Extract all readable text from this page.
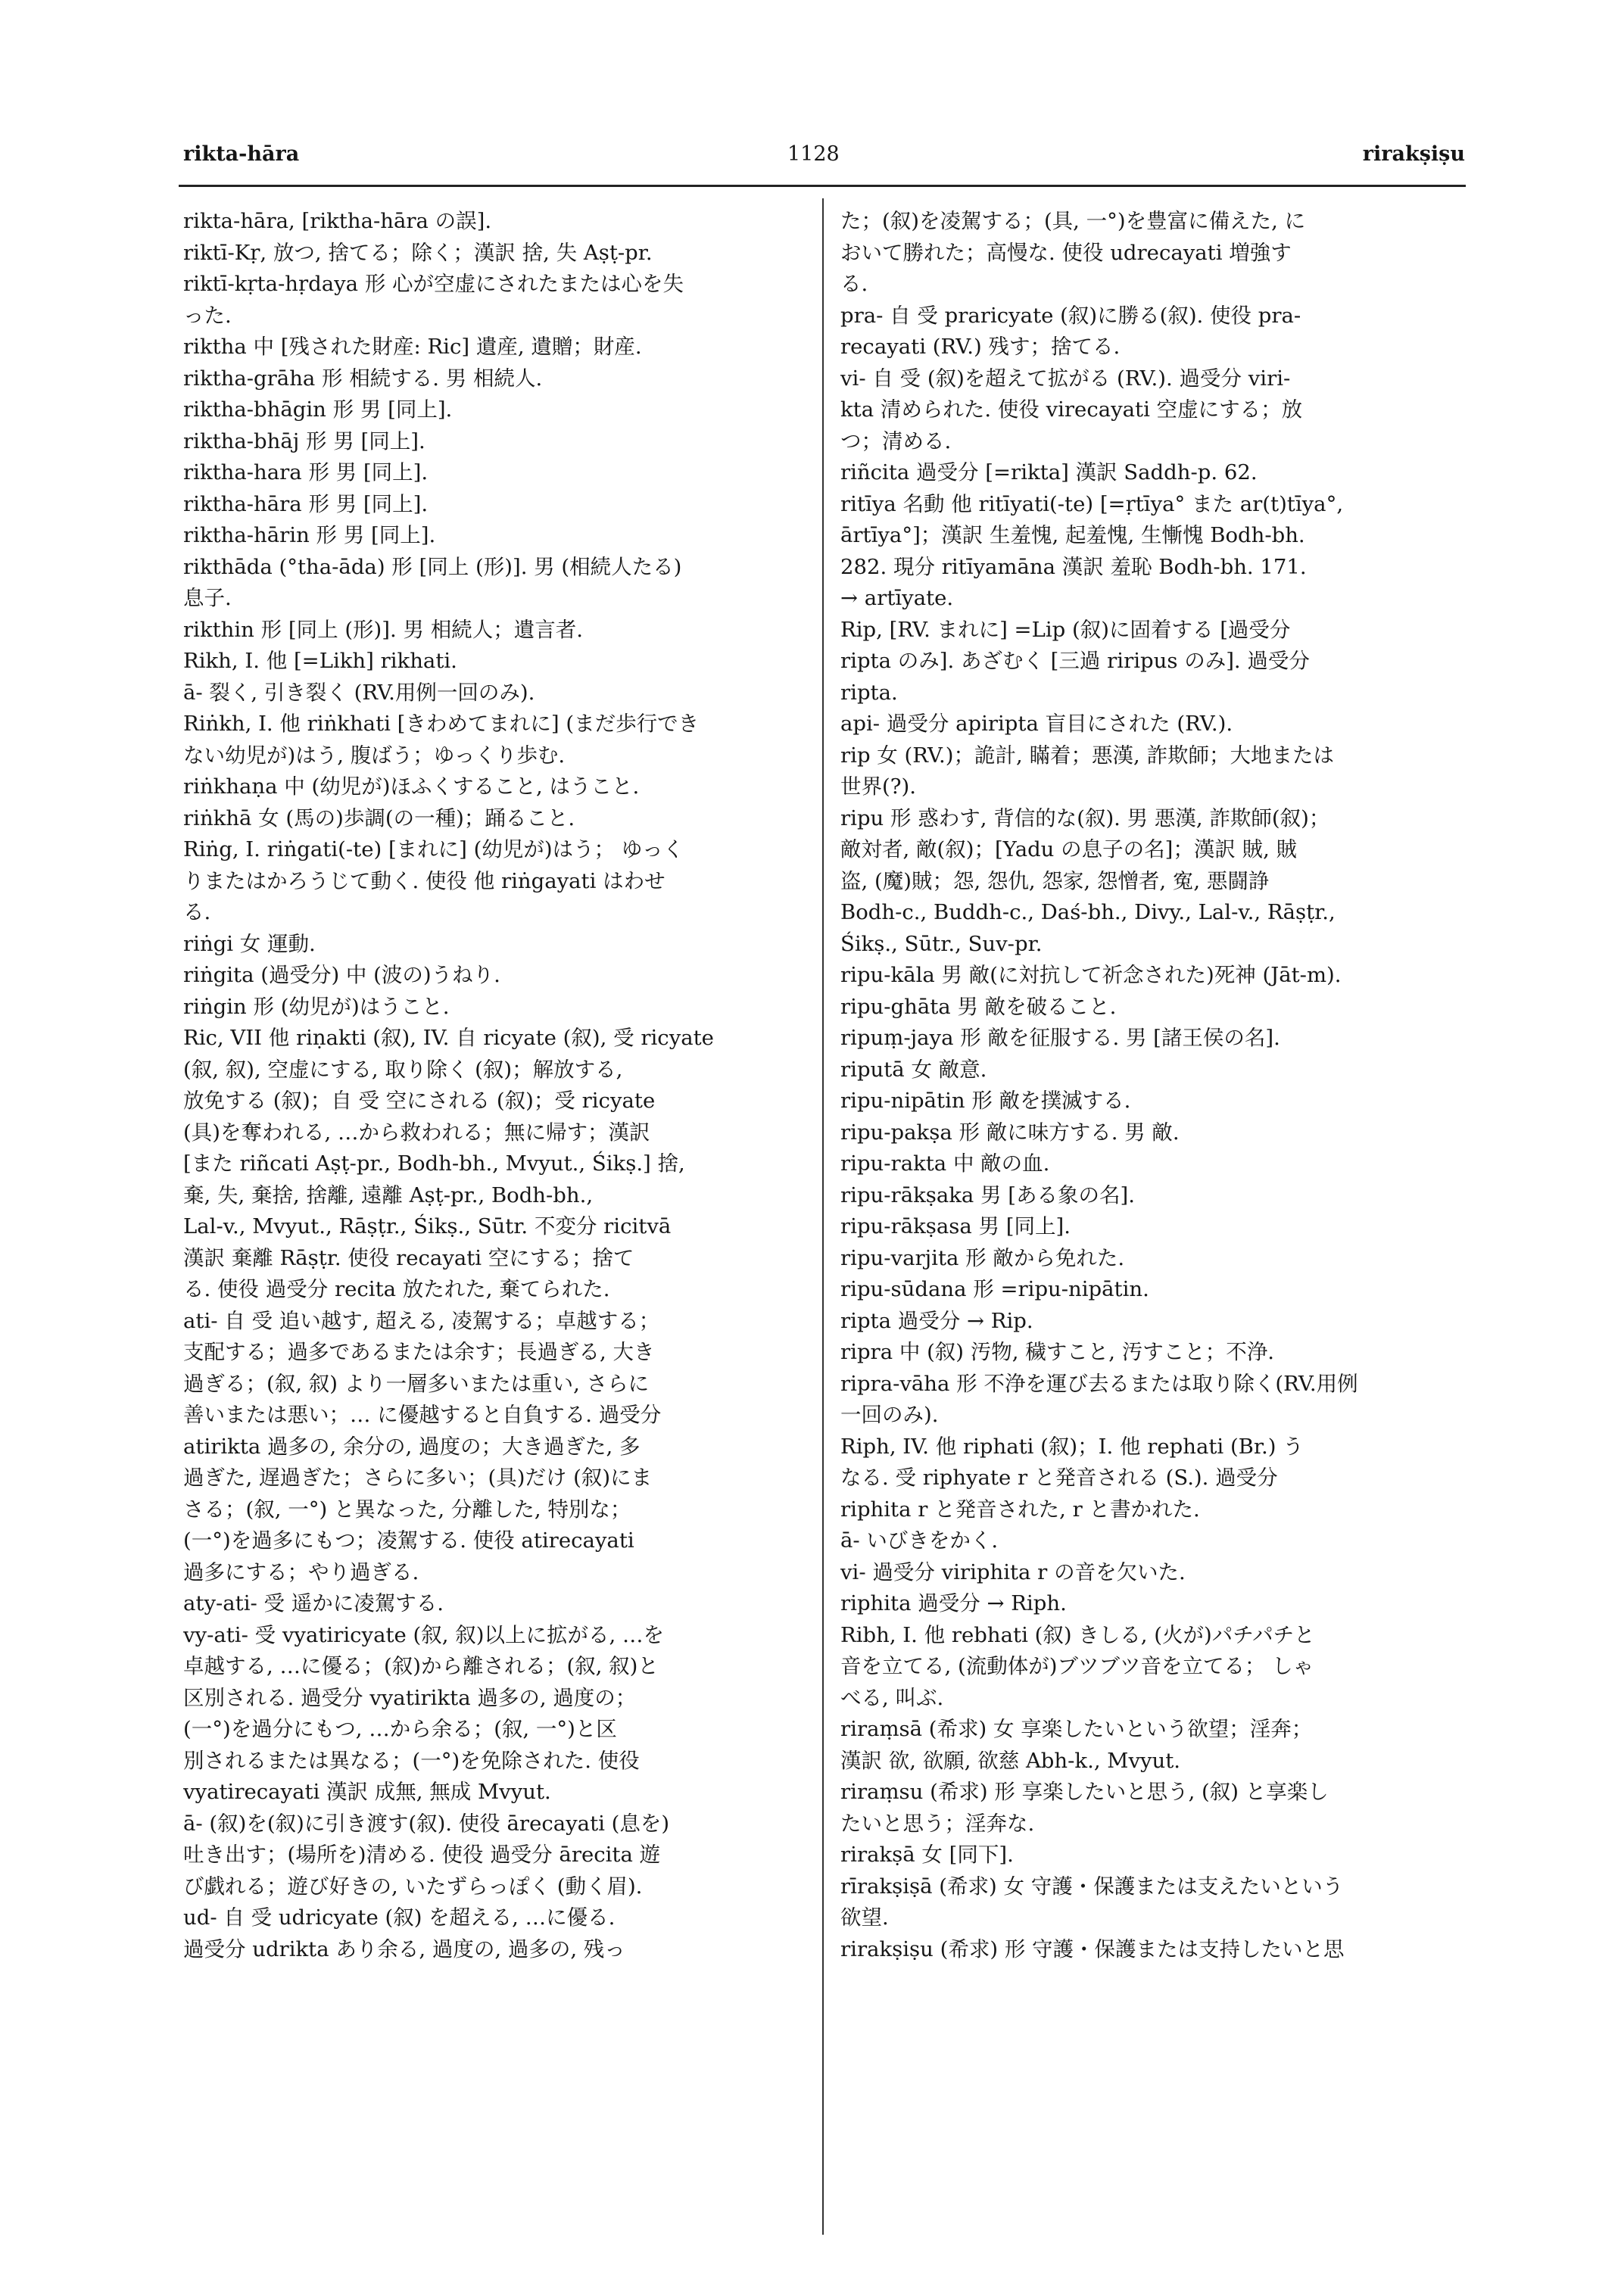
rikta-hāra	1128	rirakṣiṣu
rikta-hāra, [riktha-hāra の誤].
riktī-Kṛ, 放つ, 捨てる；除く；漢訳 捨, 失 Aṣṭ-pr.
riktī-kṛta-hṛdaya 形 心が空虚にされたまたは心を失
った.
riktha 中 [残された財産: Ric] 遺産, 遺贈；財産.
riktha-grāha 形 相続する. 男 相続人.
riktha-bhāgin 形 男 [同上].
riktha-bhāj 形 男 [同上].
riktha-hara 形 男 [同上].
riktha-hāra 形 男 [同上].
riktha-hārin 形 男 [同上].
rikthāda (°tha-āda) 形 [同上 (形)]. 男 (相続人たる)
息子.
rikthin 形 [同上 (形)]. 男 相続人；遺言者.
Rikh, I. 他 [=Likh] rikhati.
ā- 裂く, 引き裂く (RV.用例一回のみ).
Riṅkh, I. 他 riṅkhati [きわめてまれに] (まだ歩行でき
ない幼児が)はう, 腹ばう；ゆっくり歩む.
riṅkhaṇa 中 (幼児が)ほふくすること, はうこと.
riṅkhā 女 (馬の)歩調(の一種)；踊ること.
Riṅg, I. riṅgati(-te) [まれに] (幼児が)はう； ゆっく
りまたはかろうじて動く. 使役 他 riṅgayati はわせ
る.
riṅgi 女 運動.
riṅgita (過受分) 中 (波の)うねり.
riṅgin 形 (幼児が)はうこと.
Ric, VII 他 riṇakti (叙), IV. 自 ricyate (叙), 受 ricyate
(叙, 叙), 空虚にする, 取り除く (叙)；解放する,
放免する (叙)；自 受 空にされる (叙)；受 ricyate
(具)を奪われる, …から救われる；無に帰す；漢訳
[また riñcati Aṣṭ-pr., Bodh-bh., Mvyut., Śikṣ.] 捨,
棄, 失, 棄捨, 捨離, 遠離 Aṣṭ-pr., Bodh-bh.,
Lal-v., Mvyut., Rāṣṭr., Śikṣ., Sūtr. 不変分 ricitvā
漢訳 棄離 Rāṣṭr. 使役 recayati 空にする；捨て
る. 使役 過受分 recita 放たれた, 棄てられた.
ati- 自 受 追い越す, 超える, 凌駕する；卓越する；
支配する；過多であるまたは余す；長過ぎる, 大き
過ぎる；(叙, 叙) より一層多いまたは重い, さらに
善いまたは悪い；… に優越すると自負する. 過受分
atirikta 過多の, 余分の, 過度の；大き過ぎた, 多
過ぎた, 遅過ぎた；さらに多い；(具)だけ (叙)にま
さる；(叙, 一°) と異なった, 分離した, 特別な；
(一°)を過多にもつ；凌駕する. 使役 atirecayati
過多にする；やり過ぎる.
aty-ati- 受 遥かに凌駕する.
vy-ati- 受 vyatiricyate (叙, 叙)以上に拡がる, …を
卓越する, …に優る；(叙)から離される；(叙, 叙)と
区別される. 過受分 vyatirikta 過多の, 過度の；
(一°)を過分にもつ, …から余る；(叙, 一°)と区
別されるまたは異なる；(一°)を免除された. 使役
vyatirecayati 漢訳 成無, 無成 Mvyut.
ā- (叙)を(叙)に引き渡す(叙). 使役 ārecayati (息を)
吐き出す；(場所を)清める. 使役 過受分 ārecita 遊
び戯れる；遊び好きの, いたずらっぽく (動く眉).
ud- 自 受 udricyate (叙) を超える, …に優る.
過受分 udrikta あり余る, 過度の, 過多の, 残っ
た；(叙)を凌駕する；(具, 一°)を豊富に備えた, に
おいて勝れた；高慢な. 使役 udrecayati 増強す
る.
pra- 自 受 praricyate (叙)に勝る(叙). 使役 pra-
recayati (RV.) 残す；捨てる.
vi- 自 受 (叙)を超えて拡がる (RV.). 過受分 viri-
kta 清められた. 使役 virecayati 空虚にする；放
つ；清める.
riñcita 過受分 [=rikta] 漢訳 Saddh-p. 62.
ritīya 名動 他 ritīyati(-te) [=ṛtīya° また ar(t)tīya°,
ārtīya°]；漢訳 生羞愧, 起羞愧, 生慚愧 Bodh-bh.
282. 現分 ritīyamāna 漢訳 羞恥 Bodh-bh. 171.
→ artīyate.
Rip, [RV. まれに] =Lip (叙)に固着する [過受分
ripta のみ]. あざむく [三過 riripus のみ]. 過受分
ripta.
api- 過受分 apiripta 盲目にされた (RV.).
rip 女 (RV.)；詭計, 瞞着；悪漢, 詐欺師；大地または
世界(?).
ripu 形 惑わす, 背信的な(叙). 男 悪漢, 詐欺師(叙)；
敵対者, 敵(叙)；[Yadu の息子の名]；漢訳 賊, 賊
盗, (魔)賊；怨, 怨仇, 怨家, 怨憎者, 寃, 悪闘諍
Bodh-c., Buddh-c., Daś-bh., Divy., Lal-v., Rāṣṭr.,
Śikṣ., Sūtr., Suv-pr.
ripu-kāla 男 敵(に対抗して祈念された)死神 (Jāt-m).
ripu-ghāta 男 敵を破ること.
ripuṃ-jaya 形 敵を征服する. 男 [諸王侯の名].
riputā 女 敵意.
ripu-nipātin 形 敵を撲滅する.
ripu-pakṣa 形 敵に味方する. 男 敵.
ripu-rakta 中 敵の血.
ripu-rākṣaka 男 [ある象の名].
ripu-rākṣasa 男 [同上].
ripu-varjita 形 敵から免れた.
ripu-sūdana 形 =ripu-nipātin.
ripta 過受分 → Rip.
ripra 中 (叙) 汚物, 穢すこと, 汚すこと；不浄.
ripra-vāha 形 不浄を運び去るまたは取り除く(RV.用例
一回のみ).
Riph, IV. 他 riphati (叙)；I. 他 rephati (Br.) う
なる. 受 riphyate r と発音される (S.). 過受分
riphita r と発音された, r と書かれた.
ā- いびきをかく.
vi- 過受分 viriphita r の音を欠いた.
riphita 過受分 → Riph.
Ribh, I. 他 rebhati (叙) きしる, (火が)パチパチと
音を立てる, (流動体が)ブツブツ音を立てる； しゃ
べる, 叫ぶ.
riraṃsā (希求) 女 享楽したいという欲望；淫奔；
漢訳 欲, 欲願, 欲慈 Abh-k., Mvyut.
riraṃsu (希求) 形 享楽したいと思う, (叙) と享楽し
たいと思う；淫奔な.
rirakṣā 女 [同下].
rīrakṣiṣā (希求) 女 守護・保護または支えたいという
欲望.
rirakṣiṣu (希求) 形 守護・保護または支持したいと思
